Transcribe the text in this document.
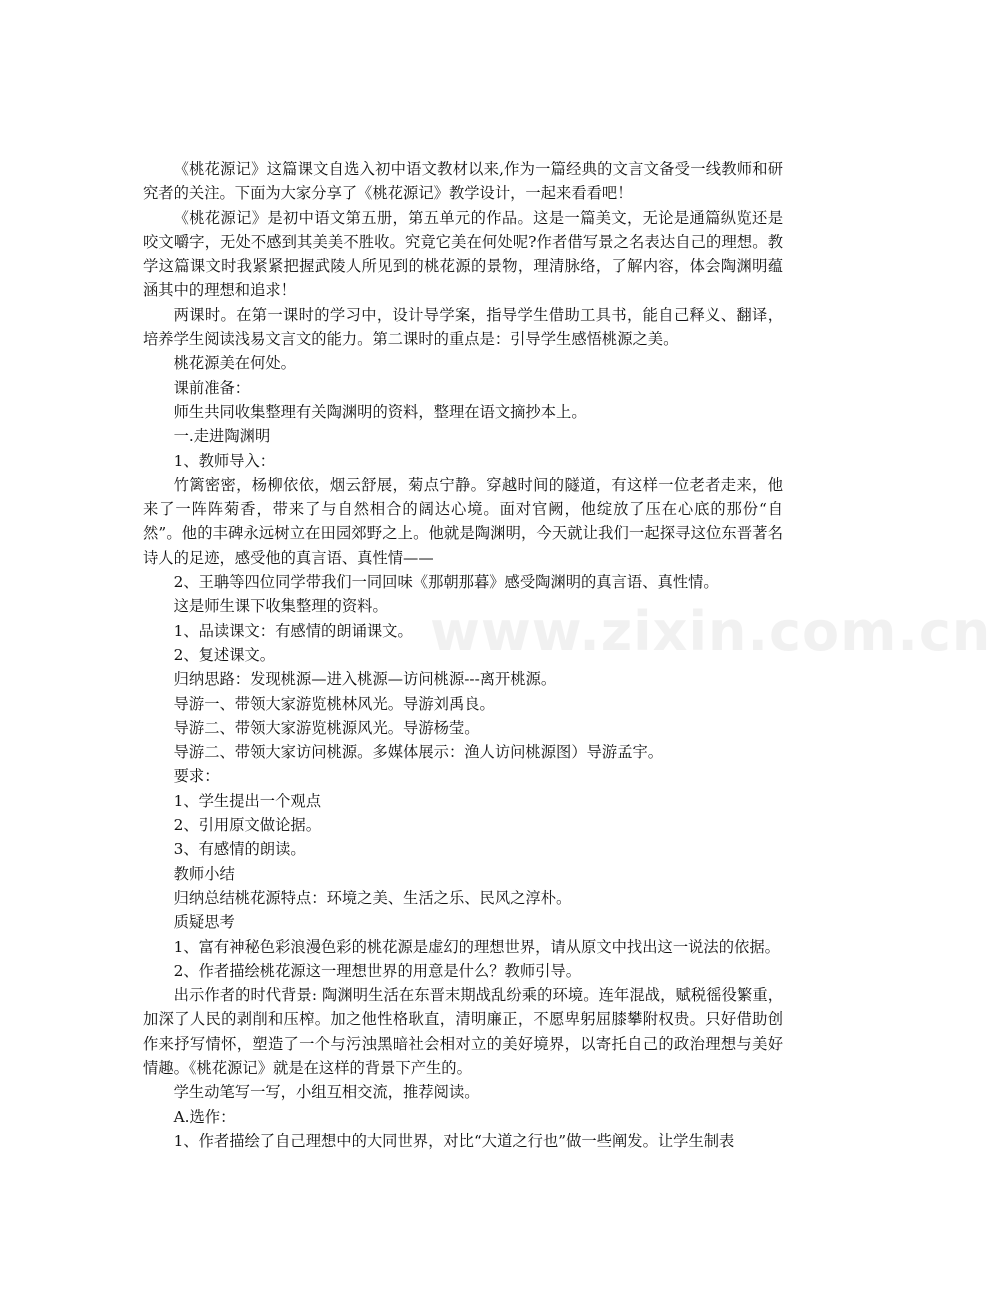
www.zixin.com.cn

《桃花源记》这篇课文自选入初中语文教材以来,作为一篇经典的文言文备受一线教师和研究者的关注。下面为大家分享了《桃花源记》教学设计，一起来看看吧！

《桃花源记》是初中语文第五册，第五单元的作品。这是一篇美文，无论是通篇纵览还是咬文嚼字，无处不感到其美美不胜收。究竟它美在何处呢?作者借写景之名表达自己的理想。教学这篇课文时我紧紧把握武陵人所见到的桃花源的景物，理清脉络，了解内容，体会陶渊明蕴涵其中的理想和追求！

两课时。在第一课时的学习中，设计导学案，指导学生借助工具书，能自己释义、翻译，培养学生阅读浅易文言文的能力。第二课时的重点是：引导学生感悟桃源之美。

桃花源美在何处。

课前准备：

师生共同收集整理有关陶渊明的资料，整理在语文摘抄本上。

一.走进陶渊明

1、教师导入：

竹篱密密，杨柳依依，烟云舒展，菊点宁静。穿越时间的隧道，有这样一位老者走来，他来了一阵阵菊香，带来了与自然相合的阔达心境。面对官阙，他绽放了压在心底的那份“自然”。他的丰碑永远树立在田园郊野之上。他就是陶渊明，今天就让我们一起探寻这位东晋著名诗人的足迹，感受他的真言语、真性情——

2、王聃等四位同学带我们一同回味《那朝那暮》感受陶渊明的真言语、真性情。

这是师生课下收集整理的资料。

1、品读课文：有感情的朗诵课文。

2、复述课文。

归纳思路：发现桃源—进入桃源—访问桃源---离开桃源。

导游一、带领大家游览桃林风光。导游刘禹良。

导游二、带领大家游览桃源风光。导游杨莹。

导游二、带领大家访问桃源。多媒体展示：渔人访问桃源图）导游孟宇。

要求：

1、学生提出一个观点

2、引用原文做论据。

3、有感情的朗读。

教师小结

归纳总结桃花源特点：环境之美、生活之乐、民风之淳朴。

质疑思考

1、富有神秘色彩浪漫色彩的桃花源是虚幻的理想世界，请从原文中找出这一说法的依据。

2、作者描绘桃花源这一理想世界的用意是什么？教师引导。

出示作者的时代背景: 陶渊明生活在东晋末期战乱纷乘的环境。连年混战，赋税徭役繁重，加深了人民的剥削和压榨。加之他性格耿直，清明廉正，不愿卑躬屈膝攀附权贵。只好借助创作来抒写情怀，塑造了一个与污浊黑暗社会相对立的美好境界，以寄托自己的政治理想与美好情趣。《桃花源记》就是在这样的背景下产生的。

学生动笔写一写，小组互相交流，推荐阅读。

A.选作：

1、作者描绘了自己理想中的大同世界，对比“大道之行也”做一些阐发。让学生制表
